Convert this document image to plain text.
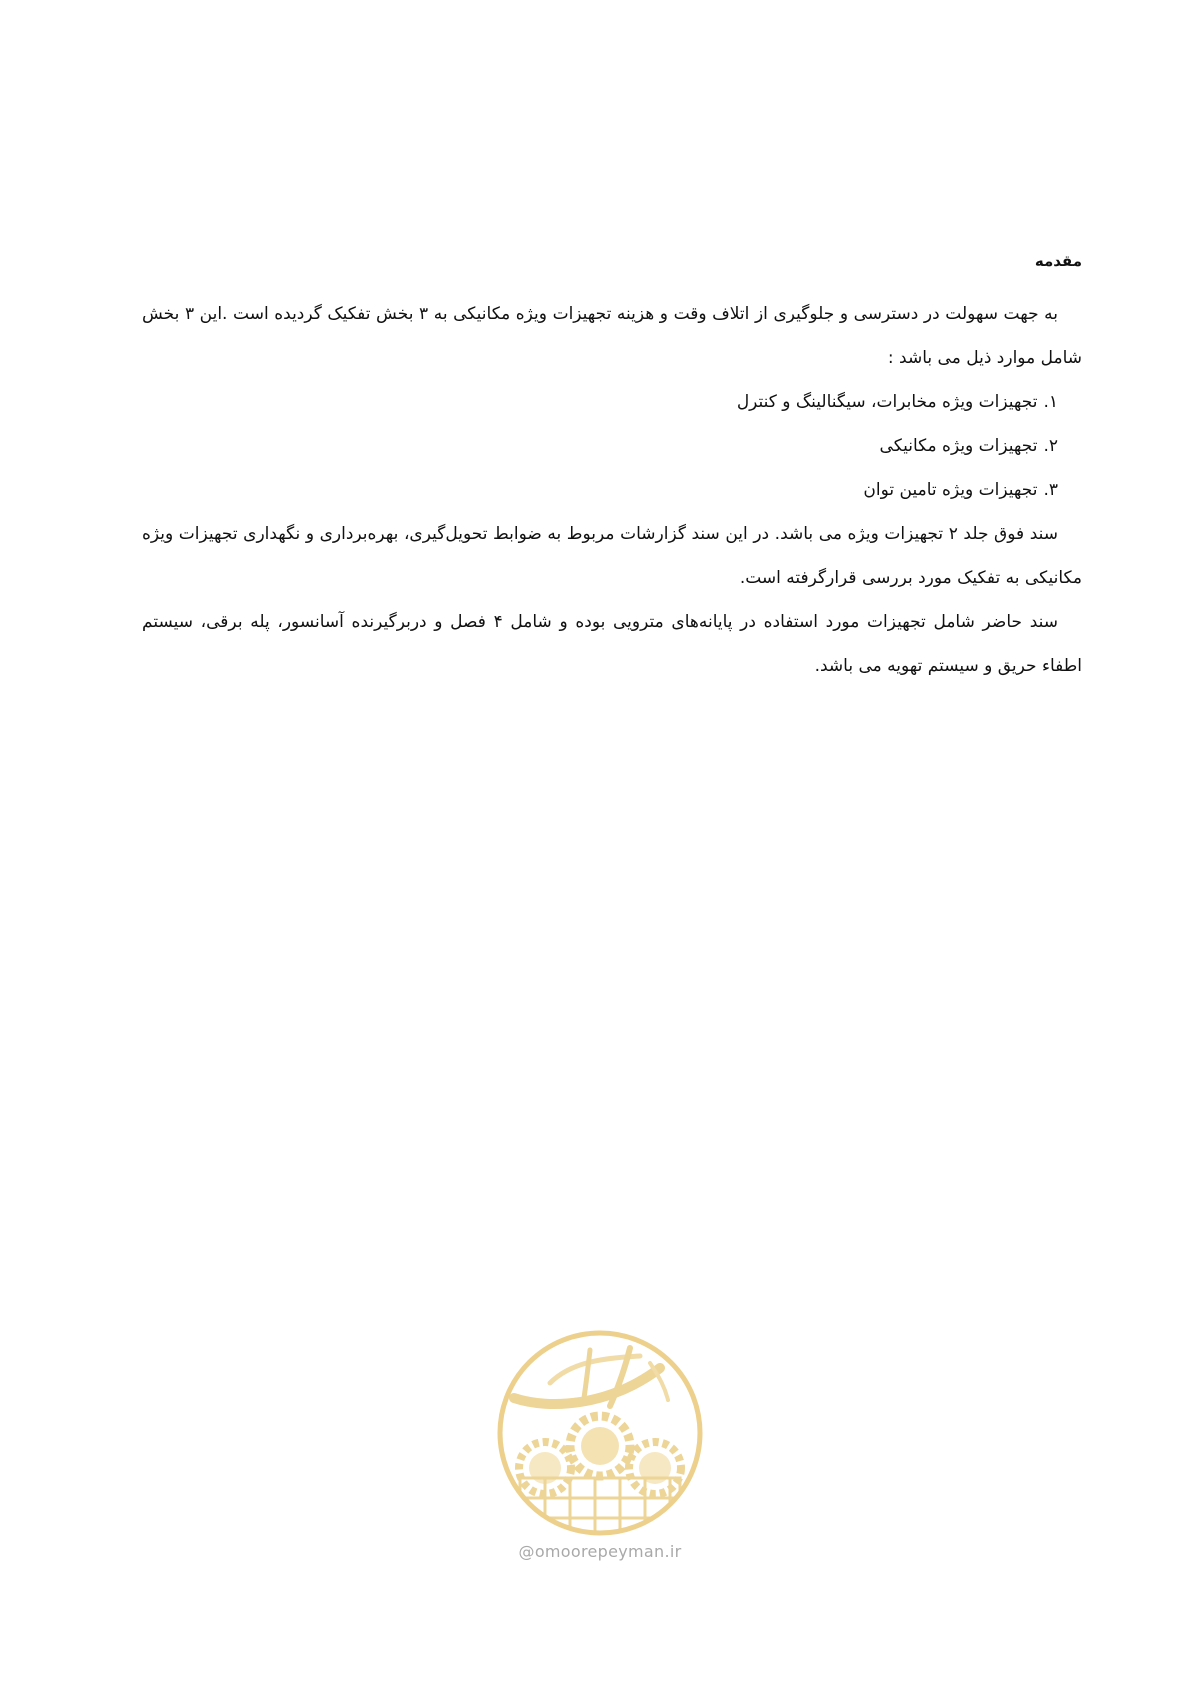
مقدمه

به جهت سهولت در دسترسی و جلوگیری از اتلاف وقت و هزینه تجهیزات ویژه مکانیکی به ۳ بخش تفکیک گردیده است .این ۳ بخش شامل موارد ذیل می باشد :

۱.تجهیزات ویژه مخابرات، سیگنالینگ و کنترل
۲.تجهیزات ویژه مکانیکی
۳.تجهیزات ویژه تامین توان

سند فوق جلد ۲ تجهیزات ویژه می باشد. در این سند گزارشات مربوط به ضوابط تحویل‌گیری، بهره‌برداری و نگهداری تجهیزات ویژه مکانیکی به تفکیک مورد بررسی قرارگرفته است.

سند حاضر شامل تجهیزات مورد استفاده در پایانه‌های مترویی بوده و شامل ۴ فصل و دربرگیرنده آسانسور، پله برقی، سیستم اطفاء حریق و سیستم تهویه می باشد.

@omoorepeyman.ir
